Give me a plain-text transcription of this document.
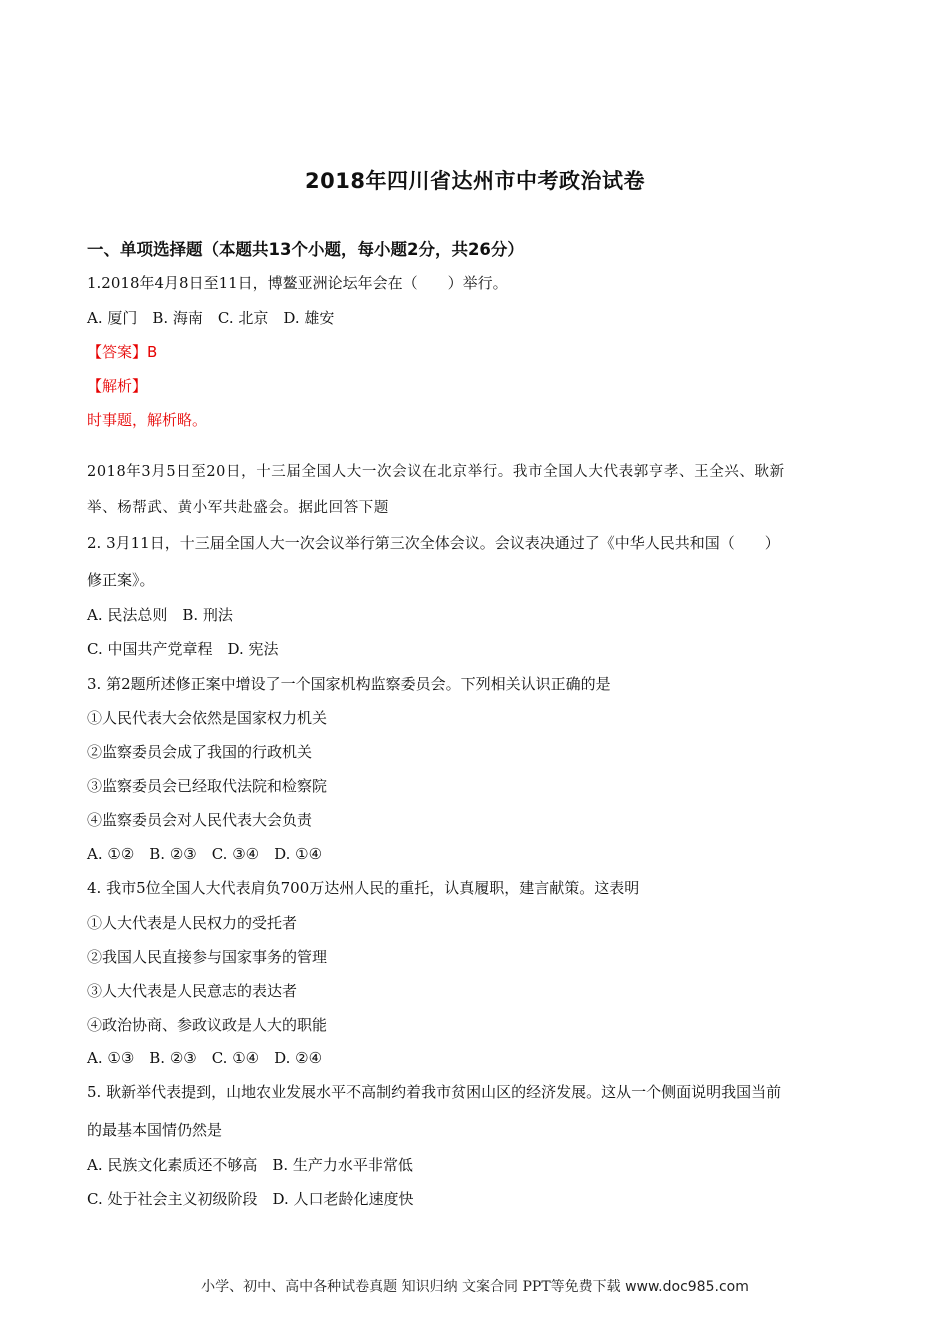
2018年四川省达州市中考政治试卷
一、单项选择题（本题共13个小题，每小题2分，共26分）
1.2018年4月8日至11日，博鳌亚洲论坛年会在（　　）举行。
A. 厦门　B. 海南　C. 北京　D. 雄安
【答案】B
【解析】
时事题，解析略。
2018年3月5日至20日，十三届全国人大一次会议在北京举行。我市全国人大代表郭亨孝、王全兴、耿新
举、杨帮武、黄小军共赴盛会。据此回答下题
2. 3月11日，十三届全国人大一次会议举行第三次全体会议。会议表决通过了《中华人民共和国（　　）
修正案》。
A. 民法总则　B. 刑法
C. 中国共产党章程　D. 宪法
3. 第2题所述修正案中增设了一个国家机构监察委员会。下列相关认识正确的是
①人民代表大会依然是国家权力机关
②监察委员会成了我国的行政机关
③监察委员会已经取代法院和检察院
④监察委员会对人民代表大会负责
A. ①②　B. ②③　C. ③④　D. ①④
4. 我市5位全国人大代表肩负700万达州人民的重托，认真履职，建言献策。这表明
①人大代表是人民权力的受托者
②我国人民直接参与国家事务的管理
③人大代表是人民意志的表达者
④政治协商、参政议政是人大的职能
A. ①③　B. ②③　C. ①④　D. ②④
5. 耿新举代表提到，山地农业发展水平不高制约着我市贫困山区的经济发展。这从一个侧面说明我国当前
的最基本国情仍然是
A. 民族文化素质还不够高　B. 生产力水平非常低
C. 处于社会主义初级阶段　D. 人口老龄化速度快
小学、初中、高中各种试卷真题 知识归纳 文案合同 PPT等免费下载 www.doc985.com
